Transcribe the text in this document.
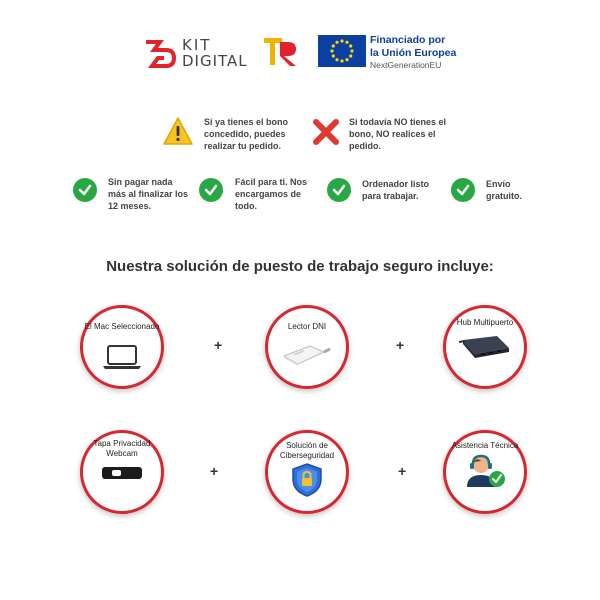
KIT
DIGITAL
Financiado por
la Unión Europea
NextGenerationEU
Si ya tienes el bono concedido, puedes realizar tu pedido.
Si todavía NO tienes el bono, NO realices el pedido.
Sin pagar nada más al finalizar los 12 meses.
Fácil para ti. Nos encargamos de todo.
Ordenador listo para trabajar.
Envío gratuito.
Nuestra solución de puesto de trabajo seguro incluye:
El Mac Seleccionado
+
Lector DNI
+
Hub Multipuerto
Tapa Privacidad Webcam
+
Solución de Ciberseguridad
+
Asistencia Técnica
